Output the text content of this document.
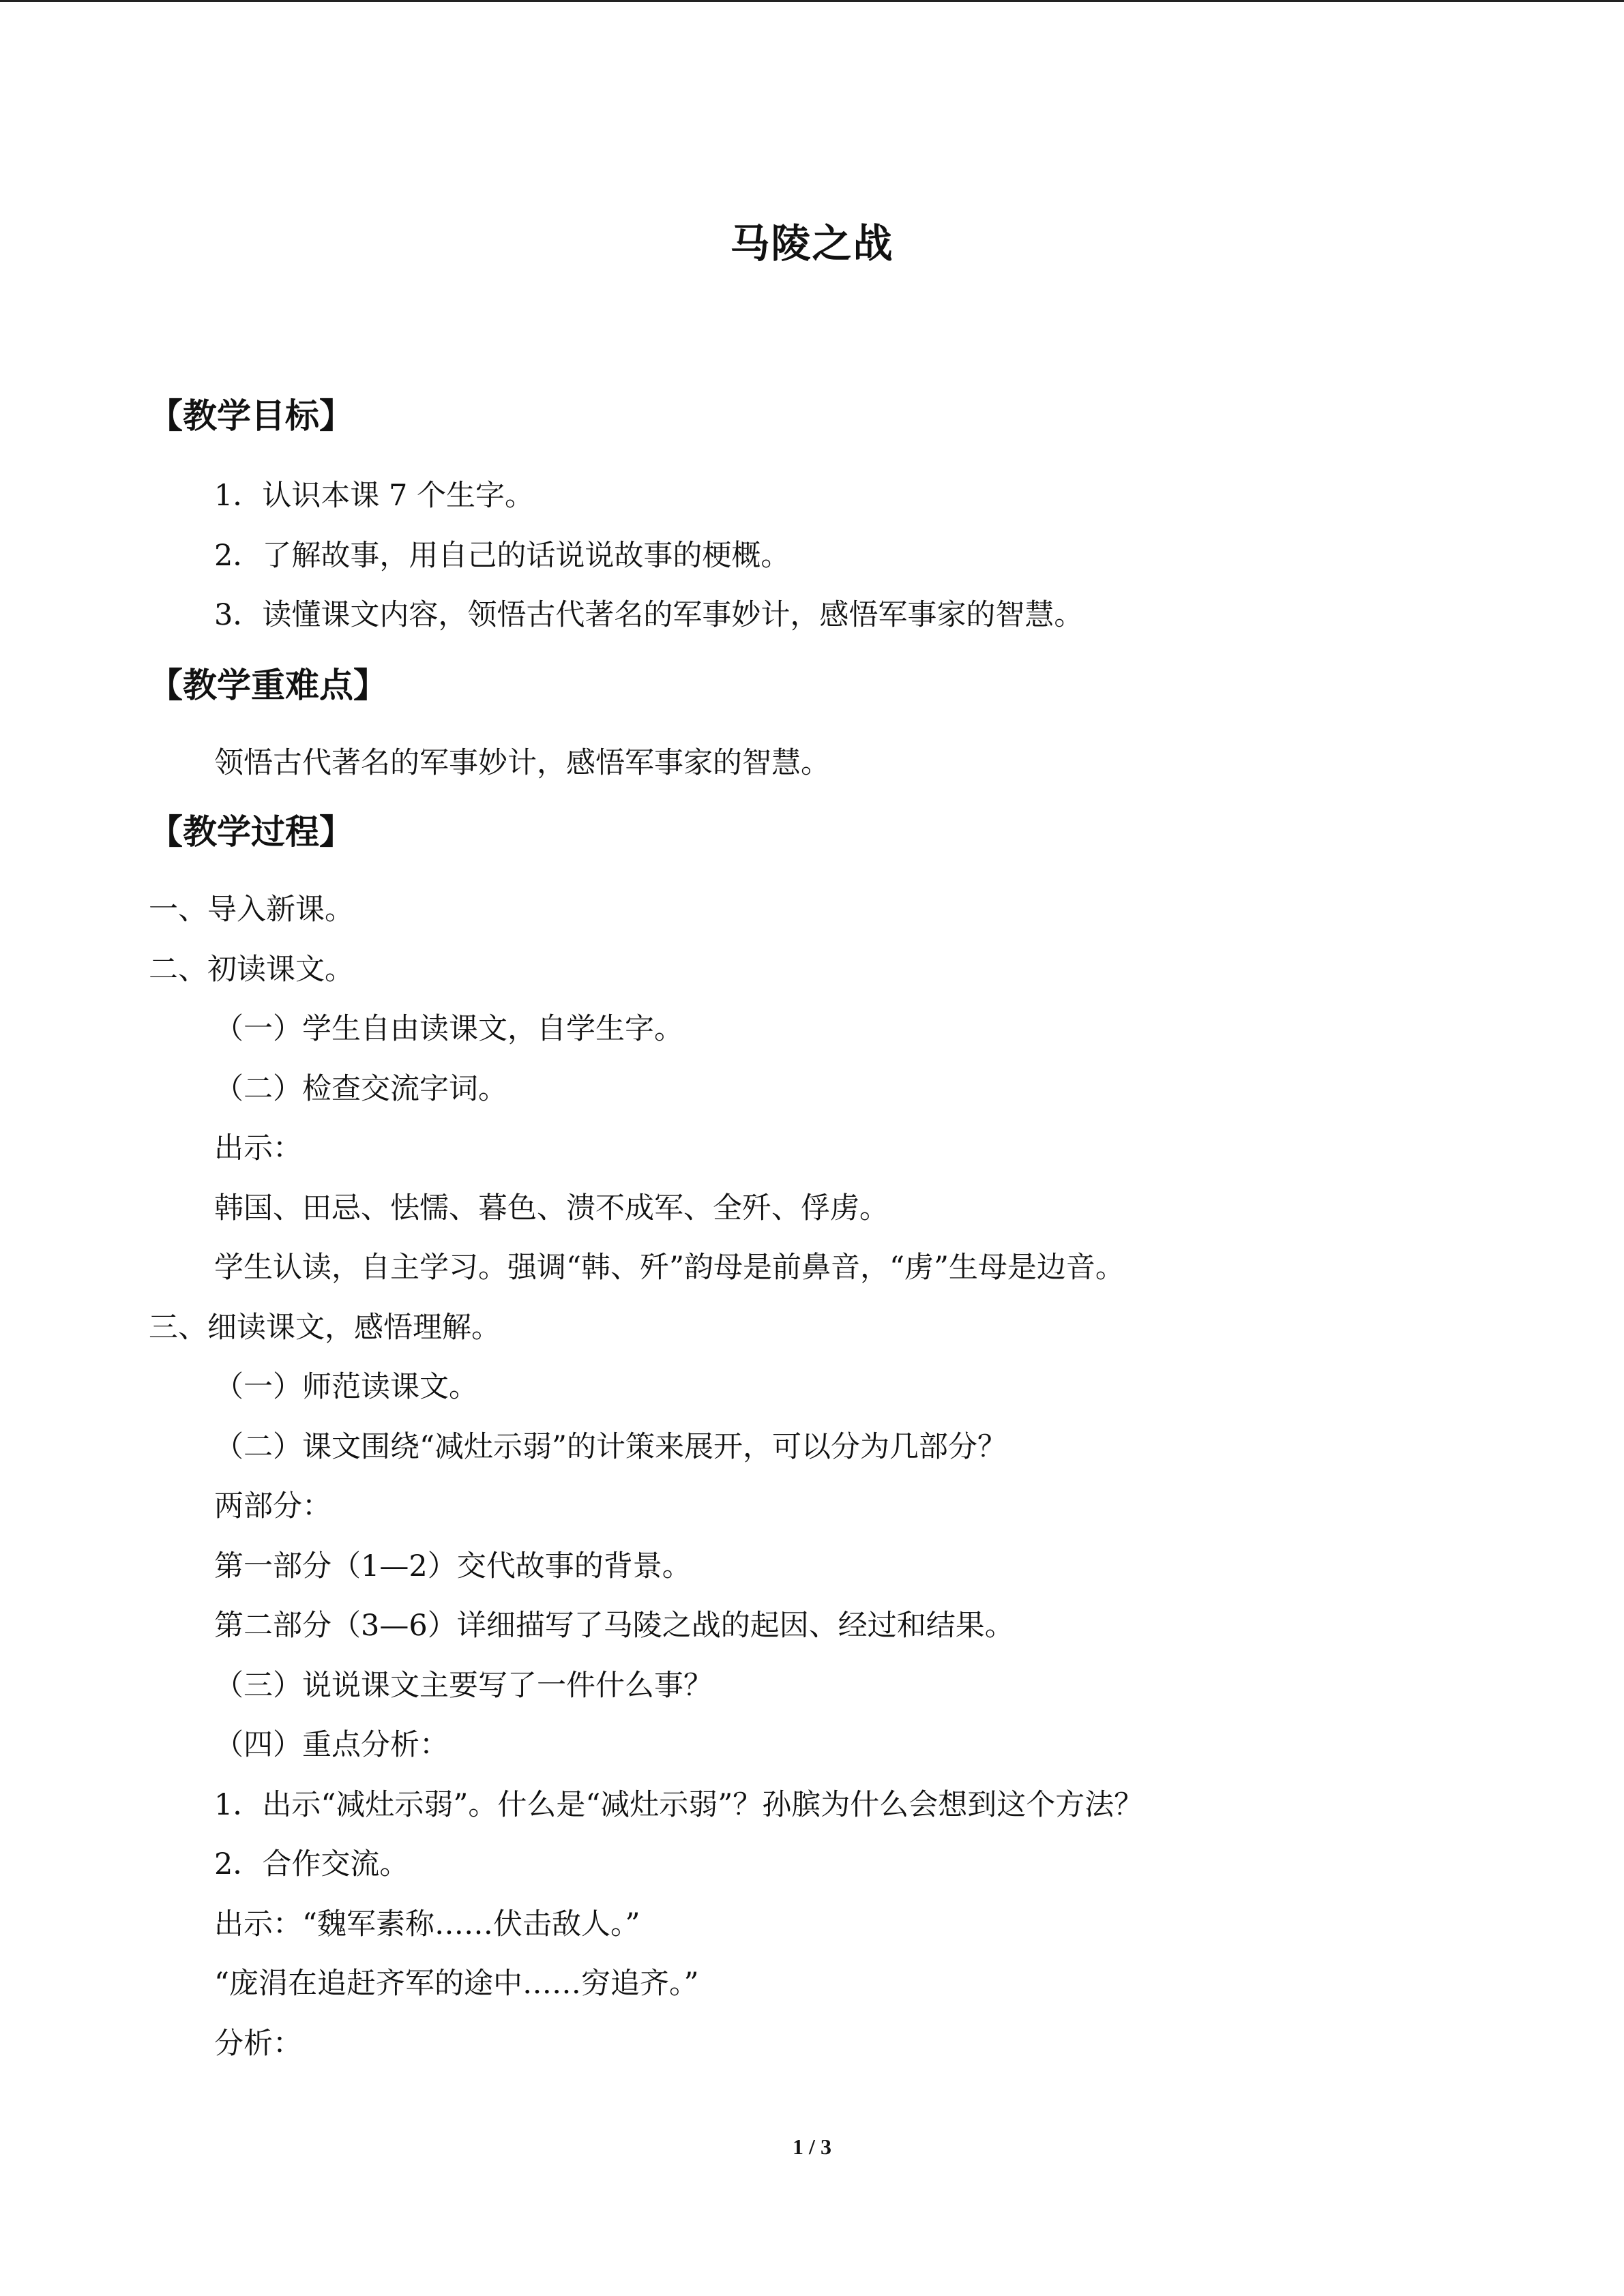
马陵之战
【教学目标】
1．认识本课 7 个生字。
2．了解故事，用自己的话说说故事的梗概。
3．读懂课文内容，领悟古代著名的军事妙计，感悟军事家的智慧。
【教学重难点】
领悟古代著名的军事妙计，感悟军事家的智慧。
【教学过程】
一、导入新课。
二、初读课文。
（一）学生自由读课文，自学生字。
（二）检查交流字词。
出示：
韩国、田忌、怯懦、暮色、溃不成军、全歼、俘虏。
学生认读，自主学习。强调“韩、歼”韵母是前鼻音，“虏”生母是边音。
三、细读课文，感悟理解。
（一）师范读课文。
（二）课文围绕“减灶示弱”的计策来展开，可以分为几部分？
两部分：
第一部分（1—2）交代故事的背景。
第二部分（3—6）详细描写了马陵之战的起因、经过和结果。
（三）说说课文主要写了一件什么事？
（四）重点分析：
1．出示“减灶示弱”。什么是“减灶示弱”？孙膑为什么会想到这个方法？
2．合作交流。
出示：“魏军素称……伏击敌人。”
“庞涓在追赶齐军的途中……穷追齐。”
分析：
1 / 3
